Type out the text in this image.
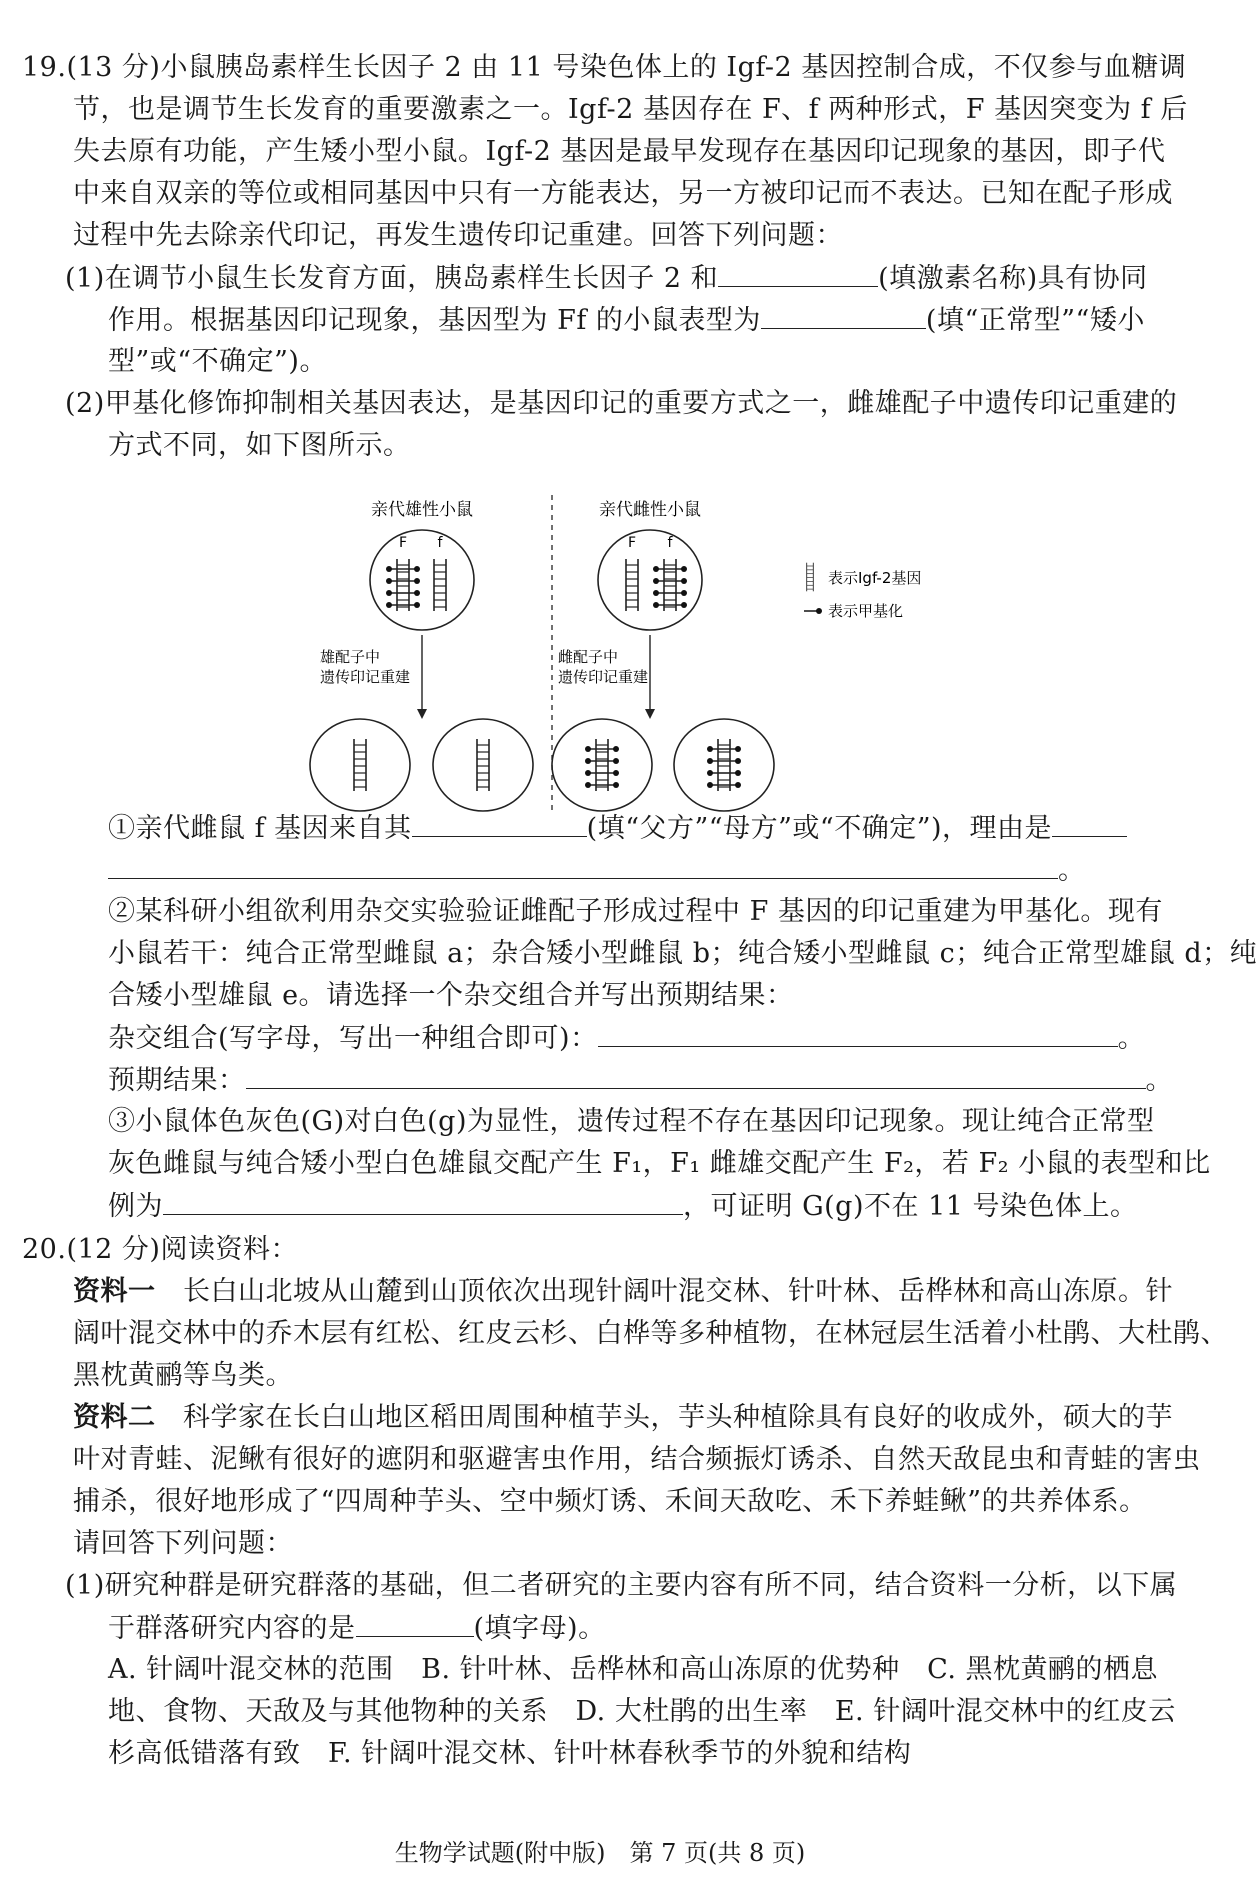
19.(13 分)小鼠胰岛素样生长因子 2 由 11 号染色体上的 Igf-2 基因控制合成，不仅参与血糖调
节，也是调节生长发育的重要激素之一。Igf-2 基因存在 F、f 两种形式，F 基因突变为 f 后
失去原有功能，产生矮小型小鼠。Igf-2 基因是最早发现存在基因印记现象的基因，即子代
中来自双亲的等位或相同基因中只有一方能表达，另一方被印记而不表达。已知在配子形成
过程中先去除亲代印记，再发生遗传印记重建。回答下列问题：
(1)在调节小鼠生长发育方面，胰岛素样生长因子 2 和	(填激素名称)具有协同
作用。根据基因印记现象，基因型为 Ff 的小鼠表型为	(填“正常型”“矮小
型”或“不确定”)。
(2)甲基化修饰抑制相关基因表达，是基因印记的重要方式之一，雌雄配子中遗传印记重建的
方式不同，如下图所示。
亲代雄性小鼠
F f
雄配子中
遗传印记重建
亲代雌性小鼠
F f
雌配子中
遗传印记重建
表示Igf-2基因
表示甲基化
①亲代雌鼠 f 基因来自其	(填“父方”“母方”或“不确定”)，理由是
。
②某科研小组欲利用杂交实验验证雌配子形成过程中 F 基因的印记重建为甲基化。现有
小鼠若干：纯合正常型雌鼠 a；杂合矮小型雌鼠 b；纯合矮小型雌鼠 c；纯合正常型雄鼠 d；纯
合矮小型雄鼠 e。请选择一个杂交组合并写出预期结果：
杂交组合(写字母，写出一种组合即可)：	。
预期结果：	。
③小鼠体色灰色(G)对白色(g)为显性，遗传过程不存在基因印记现象。现让纯合正常型
灰色雌鼠与纯合矮小型白色雄鼠交配产生 F₁，F₁ 雌雄交配产生 F₂，若 F₂ 小鼠的表型和比
例为	，可证明 G(g)不在 11 号染色体上。
20.(12 分)阅读资料：
资料一　 长白山北坡从山麓到山顶依次出现针阔叶混交林、针叶林、岳桦林和高山冻原。针
阔叶混交林中的乔木层有红松、红皮云杉、白桦等多种植物，在林冠层生活着小杜鹃、大杜鹃、
黑枕黄鹂等鸟类。
资料二　 科学家在长白山地区稻田周围种植芋头，芋头种植除具有良好的收成外，硕大的芋
叶对青蛙、泥鳅有很好的遮阴和驱避害虫作用，结合频振灯诱杀、自然天敌昆虫和青蛙的害虫
捕杀，很好地形成了“四周种芋头、空中频灯诱、禾间天敌吃、禾下养蛙鳅”的共养体系。
请回答下列问题：
(1)研究种群是研究群落的基础，但二者研究的主要内容有所不同，结合资料一分析，以下属
于群落研究内容的是	(填字母)。
A. 针阔叶混交林的范围　B. 针叶林、岳桦林和高山冻原的优势种　C. 黑枕黄鹂的栖息
地、食物、天敌及与其他物种的关系　D. 大杜鹃的出生率　E. 针阔叶混交林中的红皮云
杉高低错落有致　F. 针阔叶混交林、针叶林春秋季节的外貌和结构
生物学试题(附中版)　第 7 页(共 8 页)
